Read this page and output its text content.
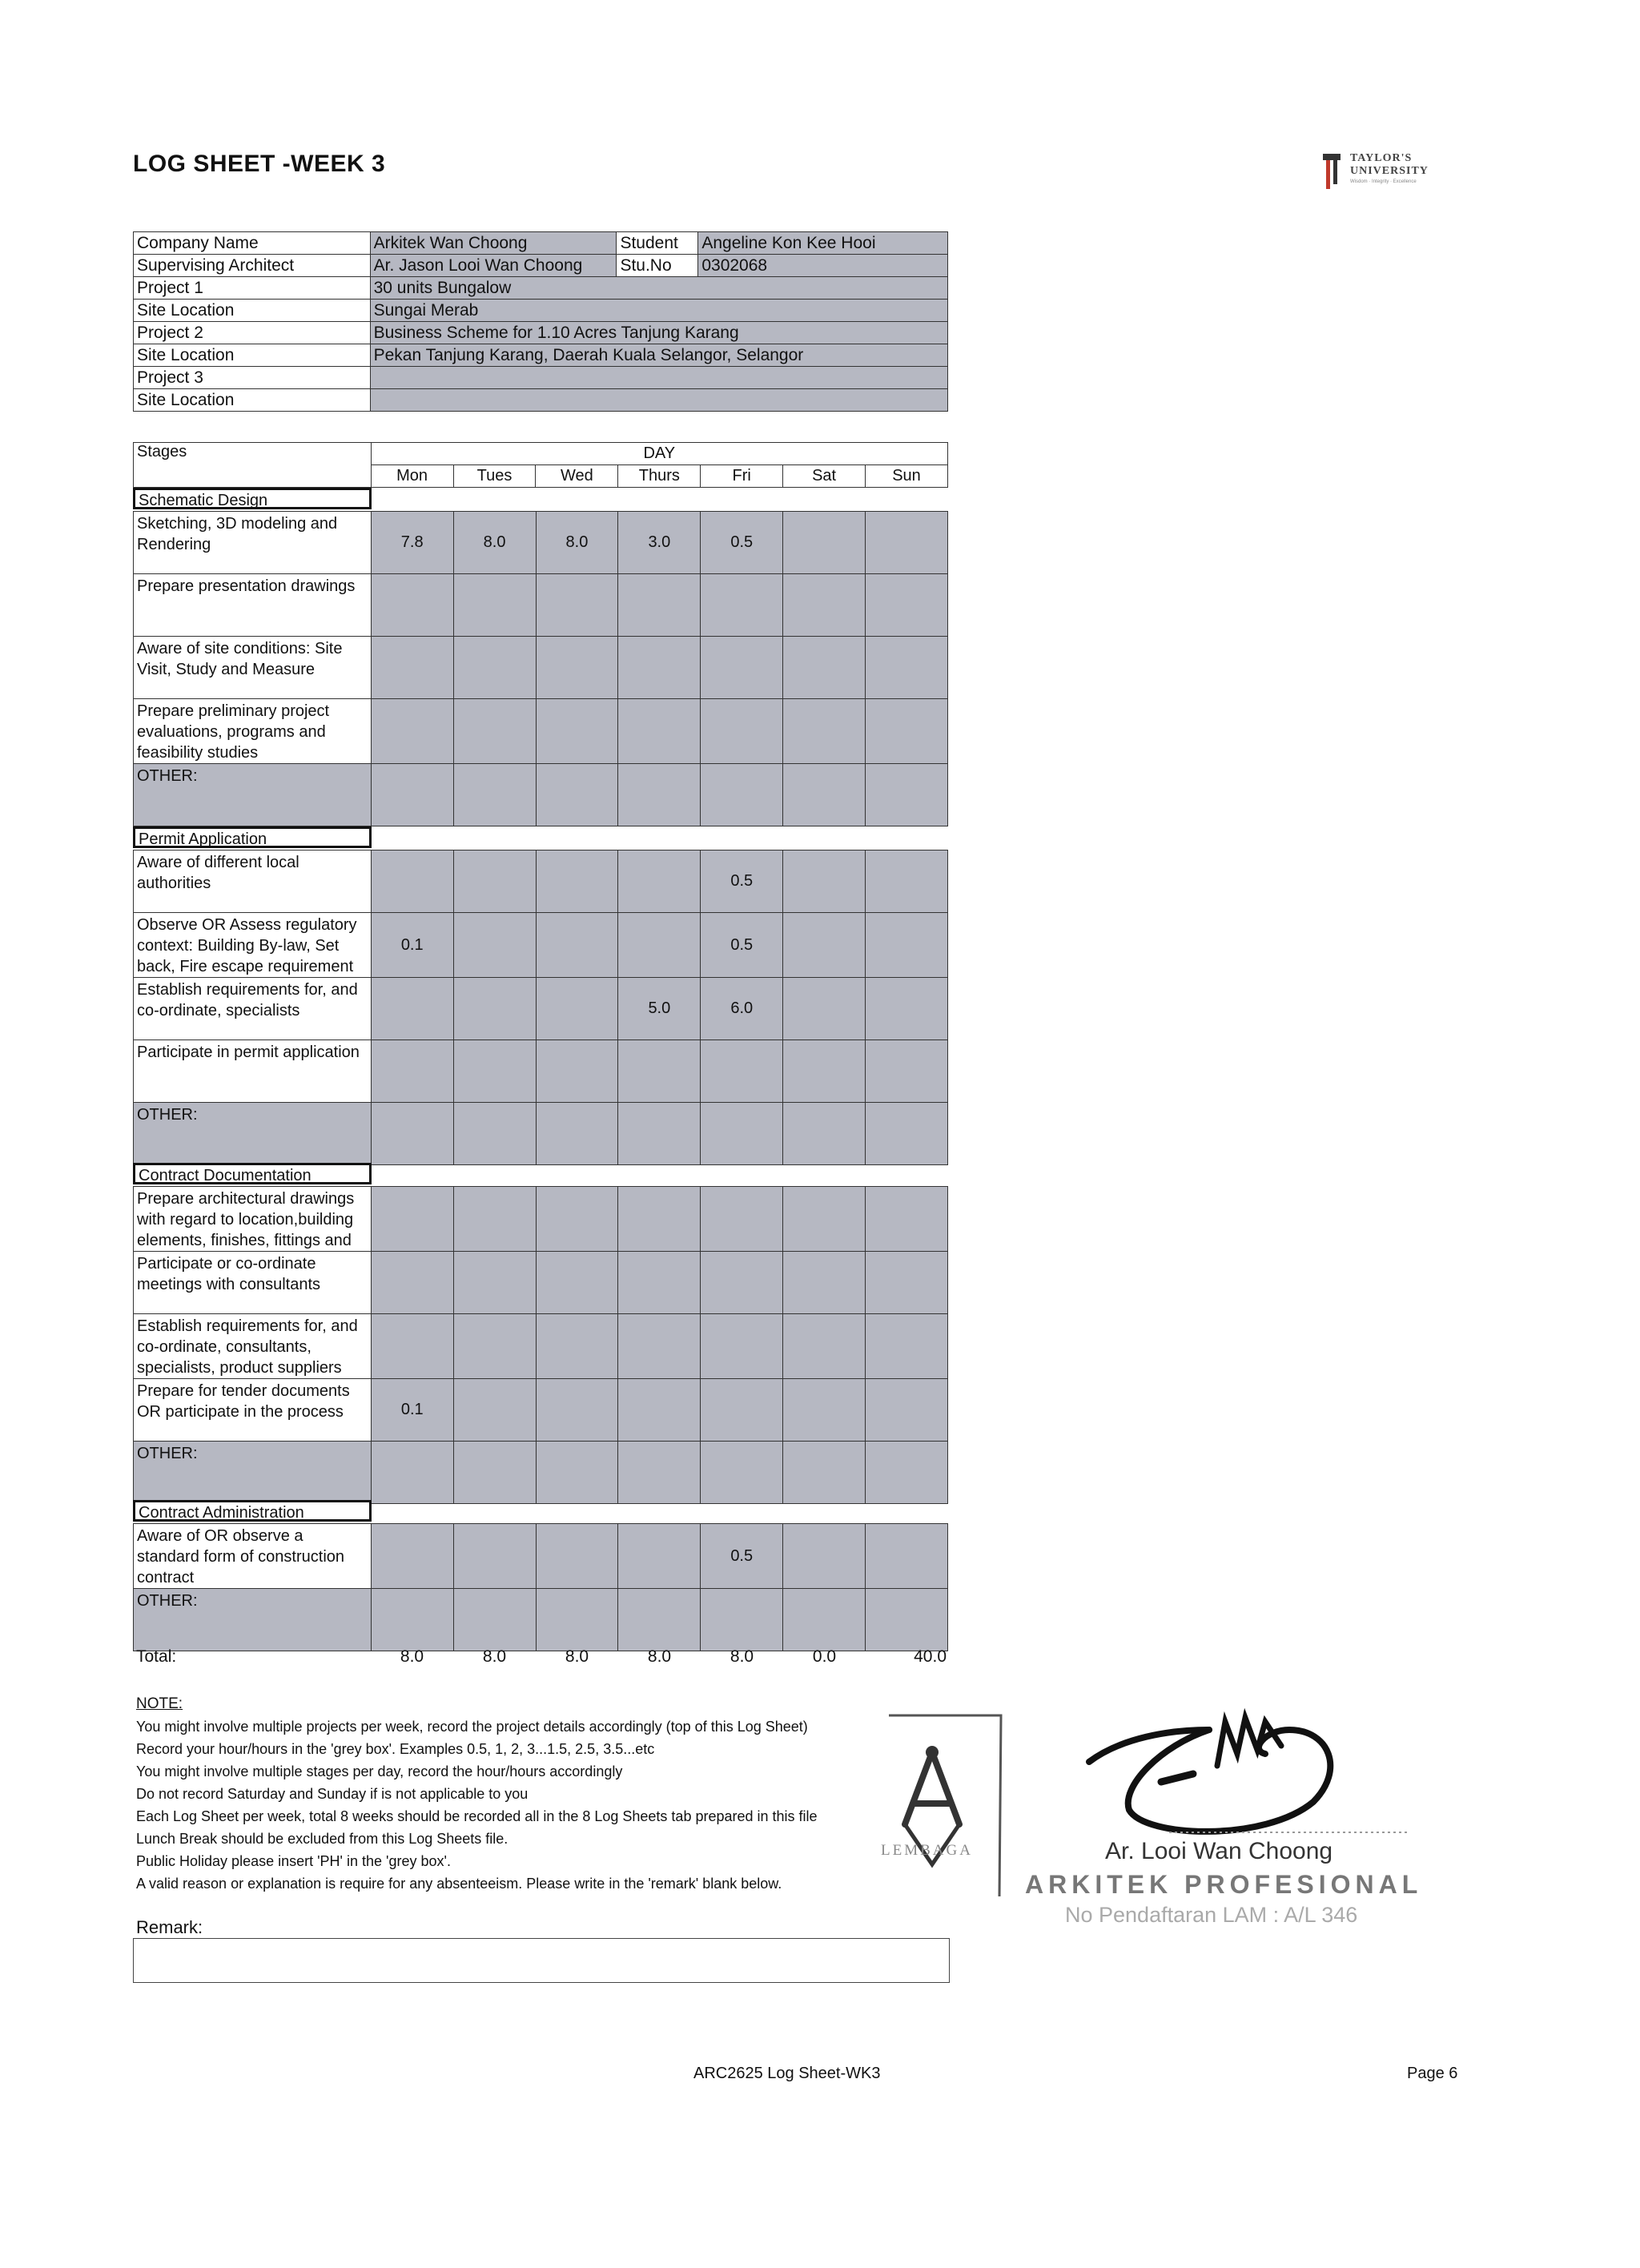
LOG SHEET -WEEK 3	TAYLOR'S
UNIVERSITY
Wisdom · Integrity · Excellence
Company Name	Arkitek Wan Choong	Student	Angeline Kon Kee Hooi
Supervising Architect	Ar. Jason Looi Wan Choong	Stu.No	0302068
Project 1	30 units Bungalow		
Site Location	Sungai Merab		
Project 2	Business Scheme for 1.10 Acres Tanjung Karang		
Site Location	Pekan Tanjung Karang, Daerah Kuala Selangor, Selangor		
Project 3			
Site Location			
Stages	DAY						
	Mon	Tues	Wed	Thurs	Fri	Sat	Sun
Schematic Design
Sketching, 3D modeling and Rendering	7.8	8.0	8.0	3.0	0.5		
Prepare presentation drawings							
Aware of site conditions: Site Visit, Study and Measure							
Prepare preliminary project evaluations, programs and feasibility studies							
OTHER:							
Permit Application
Aware of different local authorities					0.5		
Observe OR Assess regulatory context: Building By-law, Set back, Fire escape requirement	0.1				0.5		
Establish requirements for, and co-ordinate, specialists				5.0	6.0		
Participate in permit application							
OTHER:							
Contract Documentation
Prepare architectural drawings with regard to location,building elements, finishes, fittings and							
Participate or co-ordinate meetings with consultants							
Establish requirements for, and co-ordinate, consultants, specialists, product suppliers							
Prepare for tender documents OR participate in the process	0.1						
OTHER:							
Contract Administration
Aware of OR observe a standard form of construction contract					0.5		
OTHER:							
Total:	8.0	8.0	8.0	8.0	8.0	0.0	40.0
NOTE:
You might involve multiple projects per week, record the project details accordingly (top of this Log Sheet)
Record your hour/hours in the 'grey box'. Examples 0.5, 1, 2, 3...1.5, 2.5, 3.5...etc
You might involve multiple stages per day, record the hour/hours accordingly
Do not record Saturday and Sunday if is not applicable to you
Each Log Sheet per week, total 8 weeks should be recorded all in the 8 Log Sheets tab prepared in this file
Lunch Break should be excluded from this Log Sheets file.
Public Holiday please insert 'PH' in the 'grey box'.
A valid reason or explanation is require for any absenteeism. Please write in the 'remark' blank below.
Remark:
LEMBAGA	Ar. Looi Wan Choong
ARKITEK PROFESIONAL
No Pendaftaran LAM : A/L 346
ARC2625 Log Sheet-WK3	Page 6
